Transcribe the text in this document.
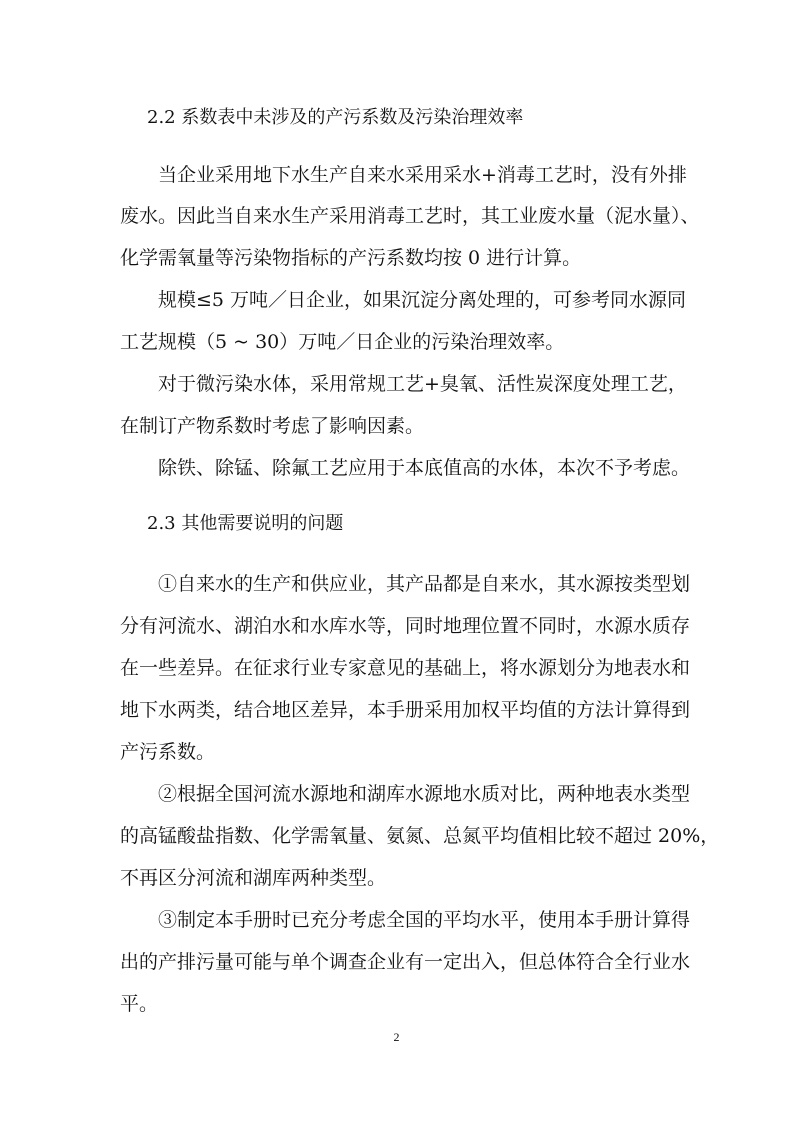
2.2 系数表中未涉及的产污系数及污染治理效率
当企业采用地下水生产自来水采用采水+消毒工艺时，没有外排
废水。因此当自来水生产采用消毒工艺时，其工业废水量（泥水量）、
化学需氧量等污染物指标的产污系数均按 0 进行计算。
规模≤5 万吨／日企业，如果沉淀分离处理的，可参考同水源同
工艺规模（5 ~ 30）万吨／日企业的污染治理效率。
对于微污染水体，采用常规工艺+臭氧、活性炭深度处理工艺，
在制订产物系数时考虑了影响因素。
除铁、除锰、除氟工艺应用于本底值高的水体，本次不予考虑。
2.3 其他需要说明的问题
①自来水的生产和供应业，其产品都是自来水，其水源按类型划
分有河流水、湖泊水和水库水等，同时地理位置不同时，水源水质存
在一些差异。在征求行业专家意见的基础上，将水源划分为地表水和
地下水两类，结合地区差异，本手册采用加权平均值的方法计算得到
产污系数。
②根据全国河流水源地和湖库水源地水质对比，两种地表水类型
的高锰酸盐指数、化学需氧量、氨氮、总氮平均值相比较不超过 20%，
不再区分河流和湖库两种类型。
③制定本手册时已充分考虑全国的平均水平，使用本手册计算得
出的产排污量可能与单个调查企业有一定出入，但总体符合全行业水
平。
2
